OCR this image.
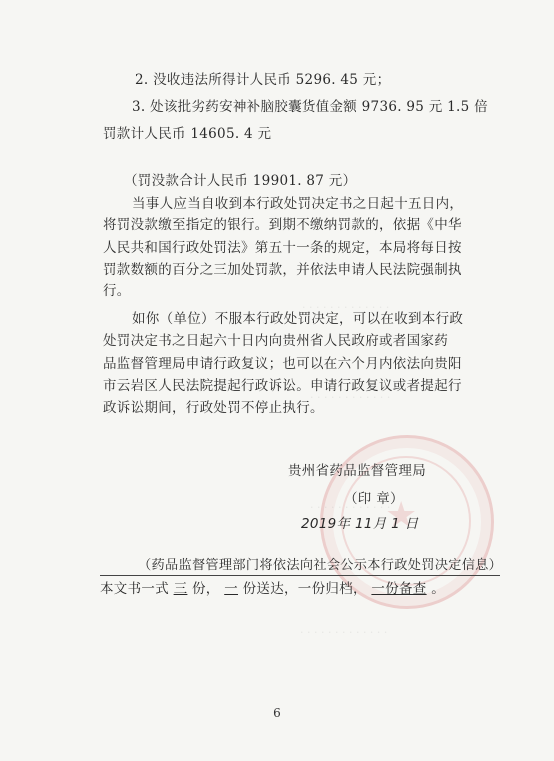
★
· · · · · · · · · · · · ·
· · · · · · · · · · · ·
· · · · · · · · · · · ·
· · · · · · · · · · · · ·
2. 没收违法所得计人民币 5296. 45 元；
3. 处该批劣药安神补脑胶囊货值金额 9736. 95 元 1.5 倍
罚款计人民币 14605. 4 元
（罚没款合计人民币 19901. 87 元）
当事人应当自收到本行政处罚决定书之日起十五日内，
将罚没款缴至指定的银行。到期不缴纳罚款的，依据《中华
人民共和国行政处罚法》第五十一条的规定，本局将每日按
罚款数额的百分之三加处罚款，并依法申请人民法院强制执
行。
如你（单位）不服本行政处罚决定，可以在收到本行政
处罚决定书之日起六十日内向贵州省人民政府或者国家药
品监督管理局申请行政复议；也可以在六个月内依法向贵阳
市云岩区人民法院提起行政诉讼。申请行政复议或者提起行
政诉讼期间，行政处罚不停止执行。
贵州省药品监督管理局
（印 章）
2019年 11月 1 日
（药品监督管理部门将依法向社会公示本行政处罚决定信息）
本文书一式 三 份， 一 份送达，一份归档， 一份备查 。
6
